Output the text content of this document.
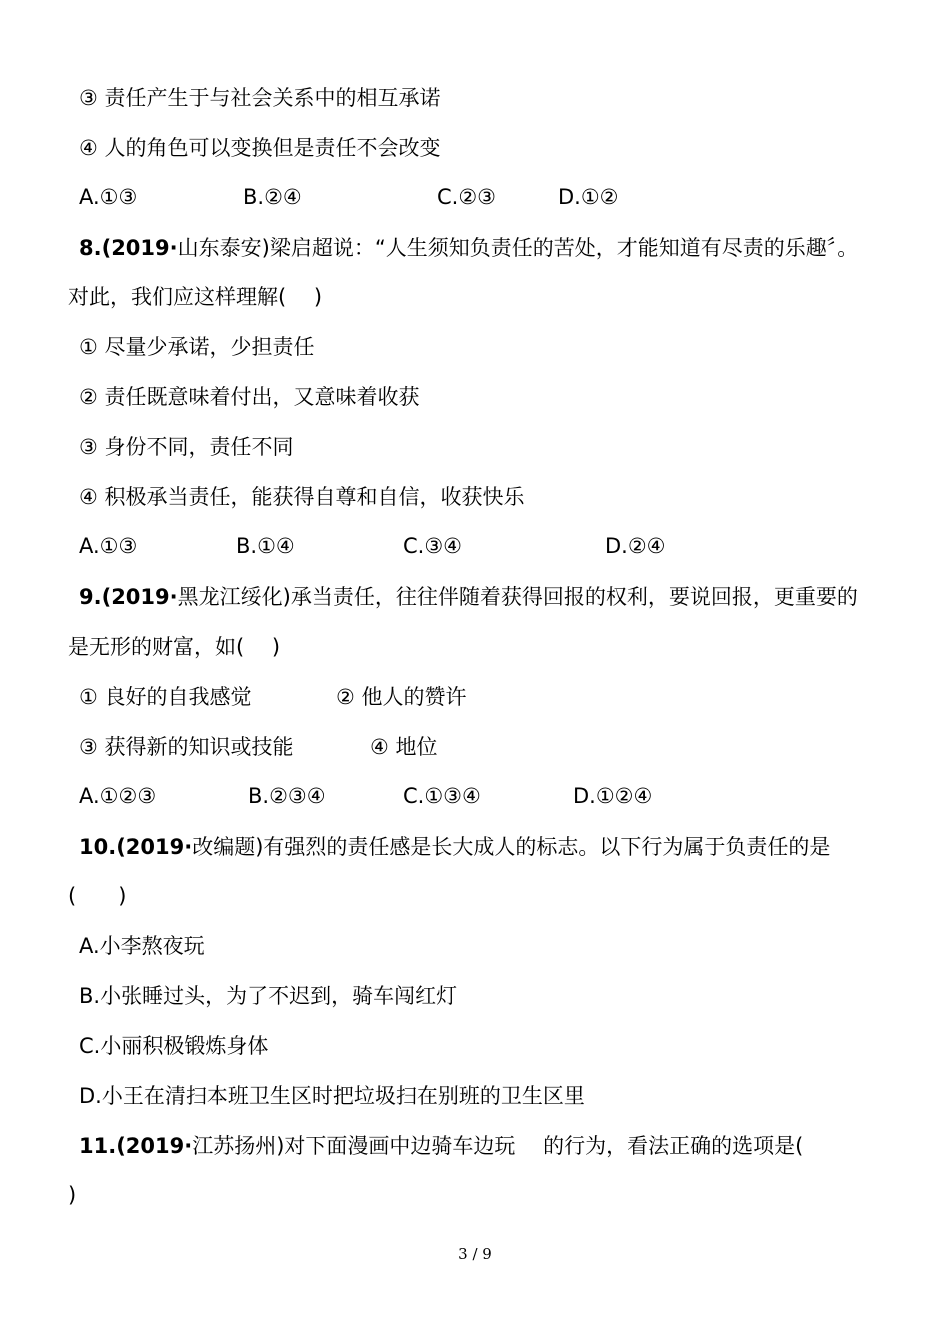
③ 责任产生于与社会关系中的相互承诺
④ 人的角色可以变换但是责任不会改变
A.①③	B.②④	C.②③	D.①②
8.(2019·山东泰安)梁启超说：“人生须知负责任的苦处，才能知道有尽责的乐趣〞。
对此，我们应这样理解(　 )
① 尽量少承诺，少担责任
② 责任既意味着付出，又意味着收获
③ 身份不同，责任不同
④ 积极承当责任，能获得自尊和自信，收获快乐
A.①③	B.①④	C.③④	D.②④
9.(2019·黑龙江绥化)承当责任，往往伴随着获得回报的权利，要说回报，更重要的
是无形的财富，如(　 )
① 良好的自我感觉	② 他人的赞许
③ 获得新的知识或技能	④ 地位
A.①②③	B.②③④	C.①③④	D.①②④
10.(2019·改编题)有强烈的责任感是长大成人的标志。以下行为属于负责任的是
(　　)
A.小李熬夜玩
B.小张睡过头，为了不迟到，骑车闯红灯
C.小丽积极锻炼身体
D.小王在清扫本班卫生区时把垃圾扫在别班的卫生区里
11.(2019·江苏扬州)对下面漫画中边骑车边玩　 的行为，看法正确的选项是(
)
3 / 9
